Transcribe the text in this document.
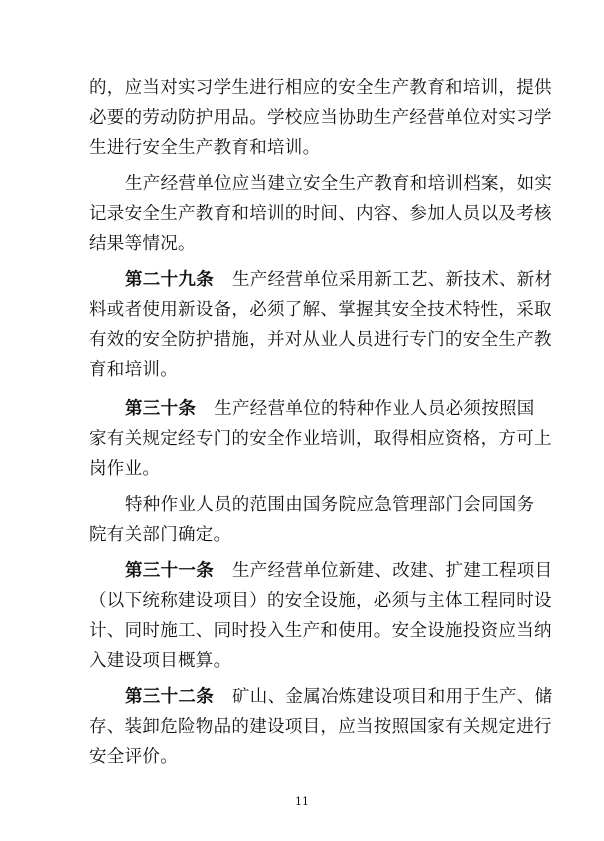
的，应当对实习学生进行相应的安全生产教育和培训，提供
必要的劳动防护用品。学校应当协助生产经营单位对实习学
生进行安全生产教育和培训。
生产经营单位应当建立安全生产教育和培训档案，如实
记录安全生产教育和培训的时间、内容、参加人员以及考核
结果等情况。
第二十九条 生产经营单位采用新工艺、新技术、新材
料或者使用新设备，必须了解、掌握其安全技术特性，采取
有效的安全防护措施，并对从业人员进行专门的安全生产教
育和培训。
第三十条 生产经营单位的特种作业人员必须按照国
家有关规定经专门的安全作业培训，取得相应资格，方可上
岗作业。
特种作业人员的范围由国务院应急管理部门会同国务
院有关部门确定。
第三十一条 生产经营单位新建、改建、扩建工程项目
（以下统称建设项目）的安全设施，必须与主体工程同时设
计、同时施工、同时投入生产和使用。安全设施投资应当纳
入建设项目概算。
第三十二条 矿山、金属冶炼建设项目和用于生产、储
存、装卸危险物品的建设项目，应当按照国家有关规定进行
安全评价。
11
